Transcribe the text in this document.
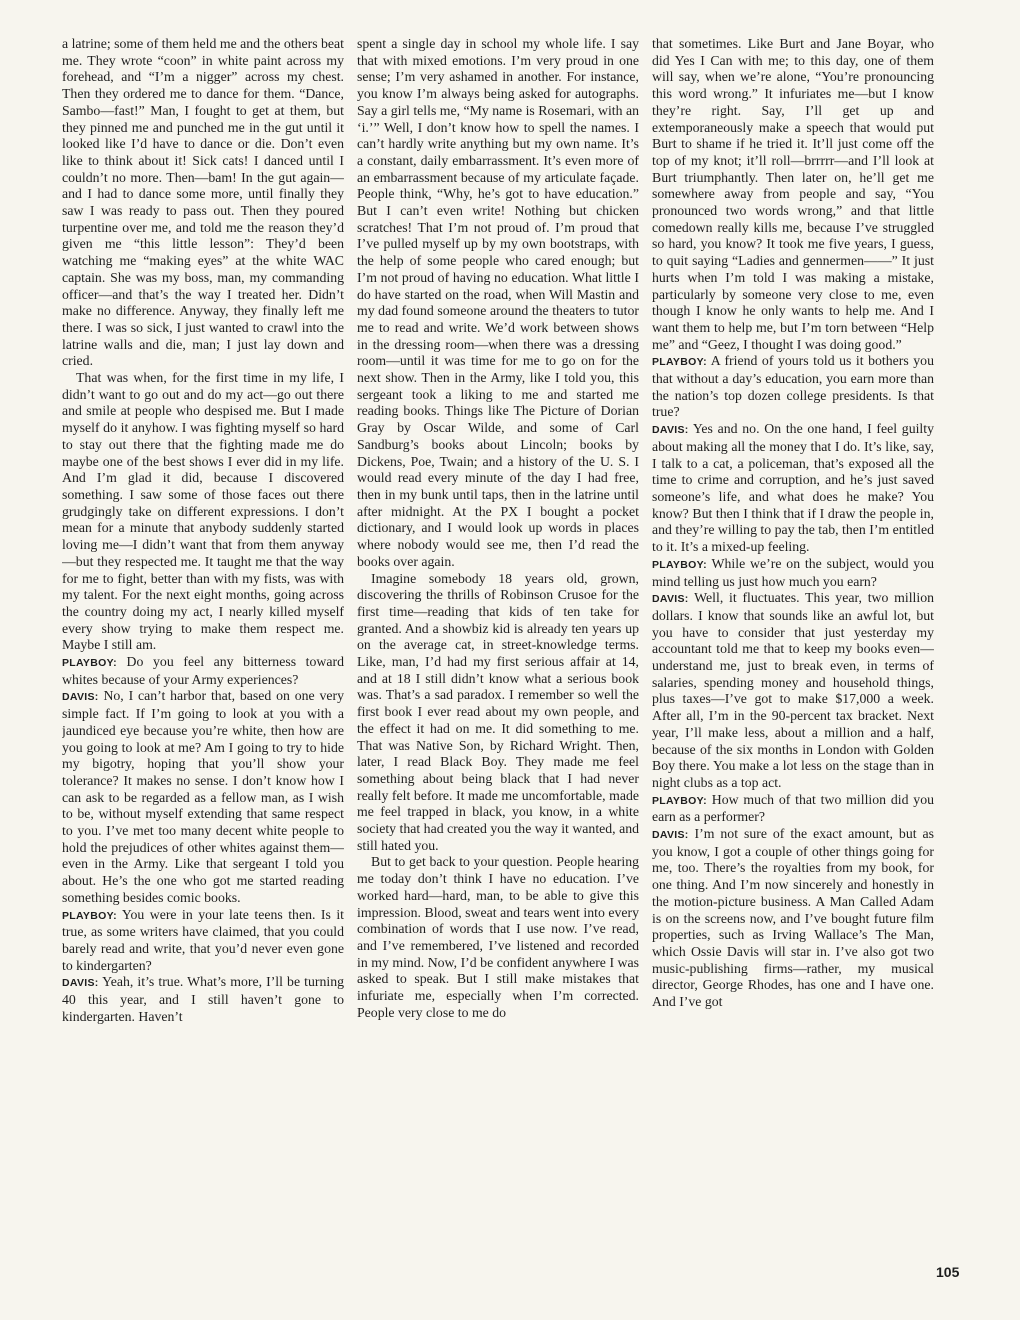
a latrine; some of them held me and the others beat me. They wrote “coon” in white paint across my forehead, and “I’m a nigger” across my chest. Then they ordered me to dance for them. “Dance, Sambo—fast!” Man, I fought to get at them, but they pinned me and punched me in the gut until it looked like I’d have to dance or die. Don’t even like to think about it! Sick cats! I danced until I couldn’t no more. Then—bam! In the gut again—and I had to dance some more, until finally they saw I was ready to pass out. Then they poured turpentine over me, and told me the reason they’d given me “this little lesson”: They’d been watching me “making eyes” at the white WAC captain. She was my boss, man, my commanding officer—and that’s the way I treated her. Didn’t make no difference. Anyway, they finally left me there. I was so sick, I just wanted to crawl into the latrine walls and die, man; I just lay down and cried.

That was when, for the first time in my life, I didn’t want to go out and do my act—go out there and smile at people who despised me. But I made myself do it anyhow. I was fighting myself so hard to stay out there that the fighting made me do maybe one of the best shows I ever did in my life. And I’m glad it did, because I discovered something. I saw some of those faces out there grudgingly take on different expressions. I don’t mean for a minute that anybody suddenly started loving me—I didn’t want that from them anyway—but they respected me. It taught me that the way for me to fight, better than with my fists, was with my talent. For the next eight months, going across the country doing my act, I nearly killed myself every show trying to make them respect me. Maybe I still am.

PLAYBOY: Do you feel any bitterness toward whites because of your Army experiences?

DAVIS: No, I can’t harbor that, based on one very simple fact. If I’m going to look at you with a jaundiced eye because you’re white, then how are you going to look at me? Am I going to try to hide my bigotry, hoping that you’ll show your tolerance? It makes no sense. I don’t know how I can ask to be regarded as a fellow man, as I wish to be, without myself extending that same respect to you. I’ve met too many decent white people to hold the prejudices of other whites against them—even in the Army. Like that sergeant I told you about. He’s the one who got me started reading something besides comic books.

PLAYBOY: You were in your late teens then. Is it true, as some writers have claimed, that you could barely read and write, that you’d never even gone to kindergarten?

DAVIS: Yeah, it’s true. What’s more, I’ll be turning 40 this year, and I still haven’t gone to kindergarten. Haven’t

spent a single day in school my whole life. I say that with mixed emotions. I’m very proud in one sense; I’m very ashamed in another. For instance, you know I’m always being asked for autographs. Say a girl tells me, “My name is Rosemari, with an ‘i.’” Well, I don’t know how to spell the names. I can’t hardly write anything but my own name. It’s a constant, daily embarrassment. It’s even more of an embarrassment because of my articulate façade. People think, “Why, he’s got to have education.” But I can’t even write! Nothing but chicken scratches! That I’m not proud of. I’m proud that I’ve pulled myself up by my own bootstraps, with the help of some people who cared enough; but I’m not proud of having no education. What little I do have started on the road, when Will Mastin and my dad found someone around the theaters to tutor me to read and write. We’d work between shows in the dressing room—when there was a dressing room—until it was time for me to go on for the next show. Then in the Army, like I told you, this sergeant took a liking to me and started me reading books. Things like The Picture of Dorian Gray by Oscar Wilde, and some of Carl Sandburg’s books about Lincoln; books by Dickens, Poe, Twain; and a history of the U. S. I would read every minute of the day I had free, then in my bunk until taps, then in the latrine until after midnight. At the PX I bought a pocket dictionary, and I would look up words in places where nobody would see me, then I’d read the books over again.

Imagine somebody 18 years old, grown, discovering the thrills of Robinson Crusoe for the first time—reading that kids of ten take for granted. And a showbiz kid is already ten years up on the average cat, in street-knowledge terms. Like, man, I’d had my first serious affair at 14, and at 18 I still didn’t know what a serious book was. That’s a sad paradox. I remember so well the first book I ever read about my own people, and the effect it had on me. It did something to me. That was Native Son, by Richard Wright. Then, later, I read Black Boy. They made me feel something about being black that I had never really felt before. It made me uncomfortable, made me feel trapped in black, you know, in a white society that had created you the way it wanted, and still hated you.

But to get back to your question. People hearing me today don’t think I have no education. I’ve worked hard—hard, man, to be able to give this impression. Blood, sweat and tears went into every combination of words that I use now. I’ve read, and I’ve remembered, I’ve listened and recorded in my mind. Now, I’d be confident anywhere I was asked to speak. But I still make mistakes that infuriate me, especially when I’m corrected. People very close to me do

that sometimes. Like Burt and Jane Boyar, who did Yes I Can with me; to this day, one of them will say, when we’re alone, “You’re pronouncing this word wrong.” It infuriates me—but I know they’re right. Say, I’ll get up and extemporaneously make a speech that would put Burt to shame if he tried it. It’ll just come off the top of my knot; it’ll roll—brrrrr—and I’ll look at Burt triumphantly. Then later on, he’ll get me somewhere away from people and say, “You pronounced two words wrong,” and that little comedown really kills me, because I’ve struggled so hard, you know? It took me five years, I guess, to quit saying “Ladies and gennermen——” It just hurts when I’m told I was making a mistake, particularly by someone very close to me, even though I know he only wants to help me. And I want them to help me, but I’m torn between “Help me” and “Geez, I thought I was doing good.”

PLAYBOY: A friend of yours told us it bothers you that without a day’s education, you earn more than the nation’s top dozen college presidents. Is that true?

DAVIS: Yes and no. On the one hand, I feel guilty about making all the money that I do. It’s like, say, I talk to a cat, a policeman, that’s exposed all the time to crime and corruption, and he’s just saved someone’s life, and what does he make? You know? But then I think that if I draw the people in, and they’re willing to pay the tab, then I’m entitled to it. It’s a mixed-up feeling.

PLAYBOY: While we’re on the subject, would you mind telling us just how much you earn?

DAVIS: Well, it fluctuates. This year, two million dollars. I know that sounds like an awful lot, but you have to consider that just yesterday my accountant told me that to keep my books even—understand me, just to break even, in terms of salaries, spending money and household things, plus taxes—I’ve got to make $17,000 a week. After all, I’m in the 90-percent tax bracket. Next year, I’ll make less, about a million and a half, because of the six months in London with Golden Boy there. You make a lot less on the stage than in night clubs as a top act.

PLAYBOY: How much of that two million did you earn as a performer?

DAVIS: I’m not sure of the exact amount, but as you know, I got a couple of other things going for me, too. There’s the royalties from my book, for one thing. And I’m now sincerely and honestly in the motion-picture business. A Man Called Adam is on the screens now, and I’ve bought future film properties, such as Irving Wallace’s The Man, which Ossie Davis will star in. I’ve also got two music-publishing firms—rather, my musical director, George Rhodes, has one and I have one. And I’ve got

105
